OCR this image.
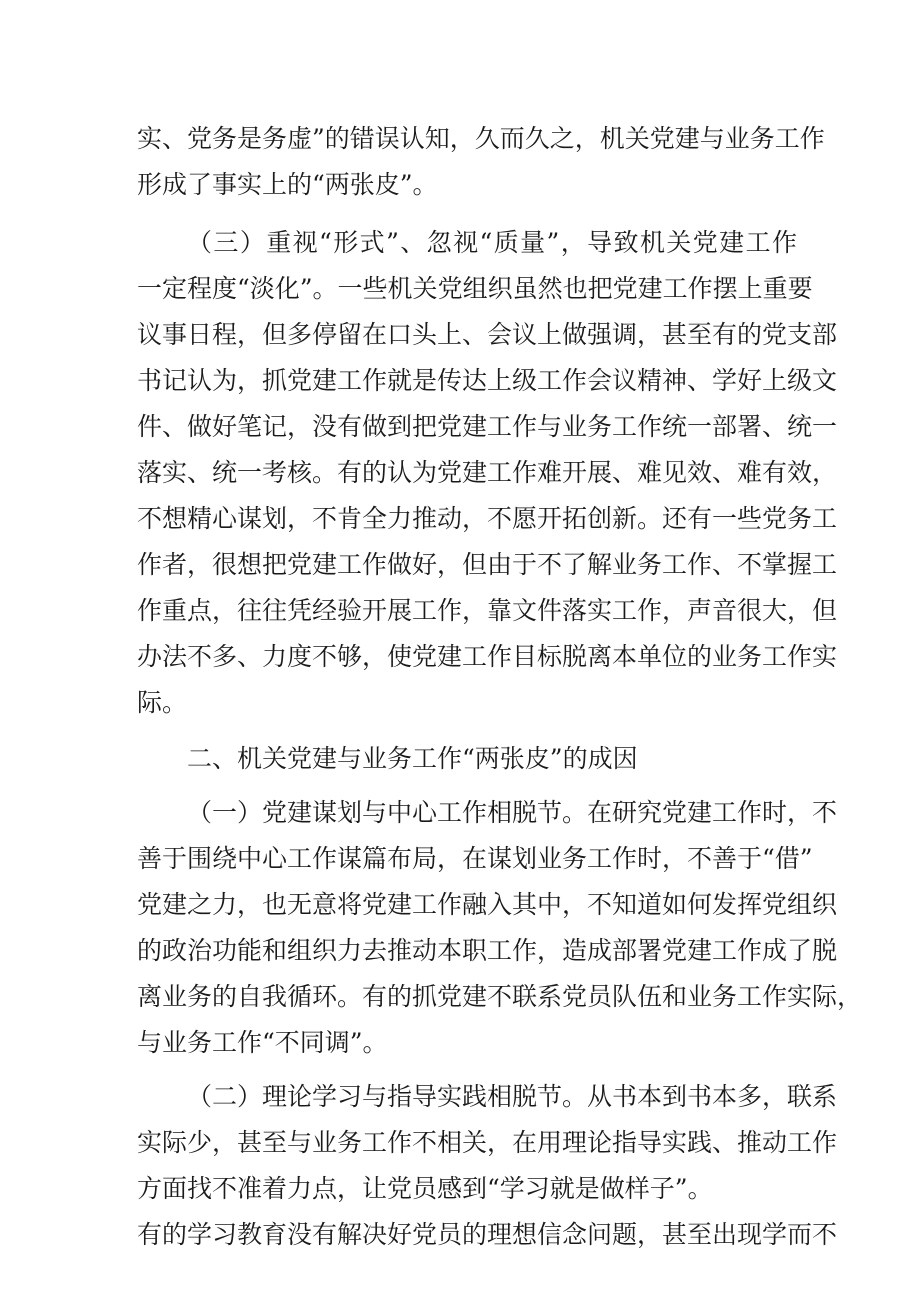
实、党务是务虚”的错误认知，久而久之，机关党建与业务工作
形成了事实上的“两张皮”。
（三）重视“形式”、忽视“质量”，导致机关党建工作
一定程度“淡化”。一些机关党组织虽然也把党建工作摆上重要
议事日程，但多停留在口头上、会议上做强调，甚至有的党支部
书记认为，抓党建工作就是传达上级工作会议精神、学好上级文
件、做好笔记，没有做到把党建工作与业务工作统一部署、统一
落实、统一考核。有的认为党建工作难开展、难见效、难有效，
不想精心谋划，不肯全力推动，不愿开拓创新。还有一些党务工
作者，很想把党建工作做好，但由于不了解业务工作、不掌握工
作重点，往往凭经验开展工作，靠文件落实工作，声音很大，但
办法不多、力度不够，使党建工作目标脱离本单位的业务工作实
际。
二、机关党建与业务工作“两张皮”的成因
（一）党建谋划与中心工作相脱节。在研究党建工作时，不
善于围绕中心工作谋篇布局，在谋划业务工作时，不善于“借”
党建之力，也无意将党建工作融入其中，不知道如何发挥党组织
的政治功能和组织力去推动本职工作，造成部署党建工作成了脱
离业务的自我循环。有的抓党建不联系党员队伍和业务工作实际，
与业务工作“不同调”。
（二）理论学习与指导实践相脱节。从书本到书本多，联系
实际少，甚至与业务工作不相关，在用理论指导实践、推动工作
方面找不准着力点，让党员感到“学习就是做样子”。
有的学习教育没有解决好党员的理想信念问题，甚至出现学而不
